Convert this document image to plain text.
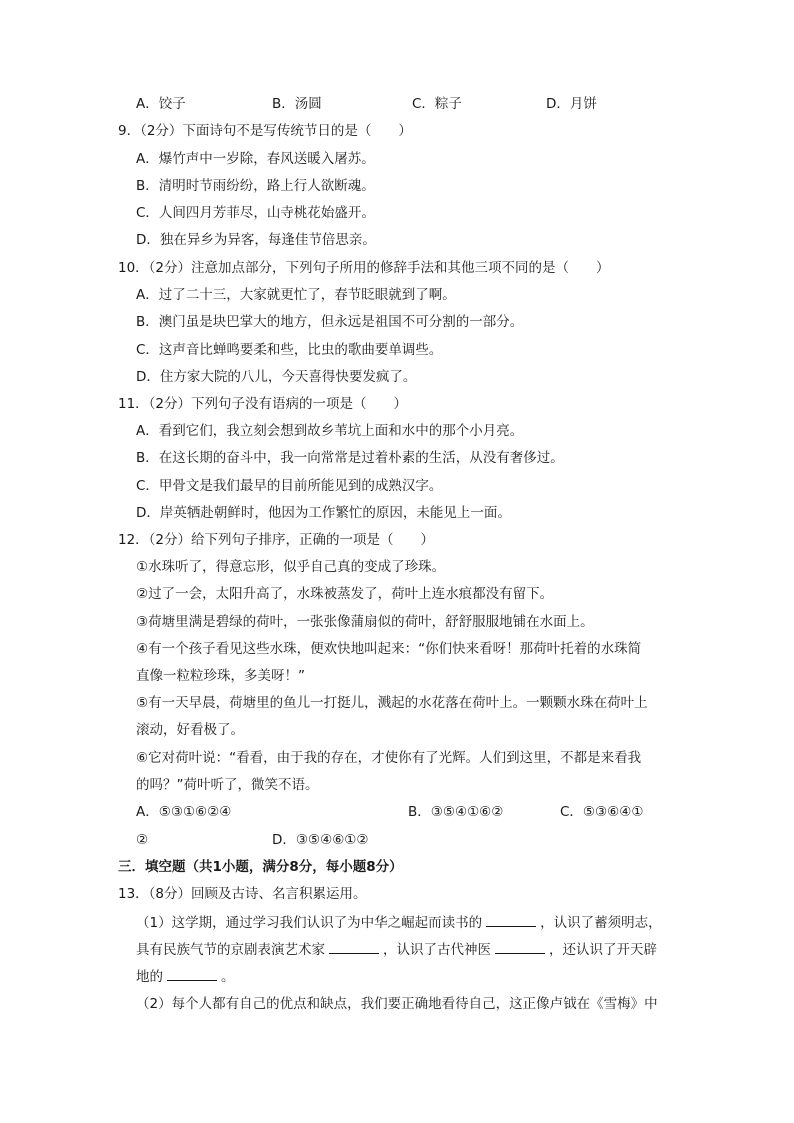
A．饺子	B．汤圆	C．粽子	D．月饼
9．（2分）下面诗句不是写传统节日的是（　　）
A．爆竹声中一岁除，春风送暖入屠苏。
B．清明时节雨纷纷，路上行人欲断魂。
C．人间四月芳菲尽，山寺桃花始盛开。
D．独在异乡为异客，每逢佳节倍思亲。
10．（2分）注意加点部分，下列句子所用的修辞手法和其他三项不同的是（　　）
A．过了二十三，大家就更忙了，春节眨眼就到了啊。
B．澳门虽是块巴掌大的地方，但永远是祖国不可分割的一部分。
C．这声音比蝉鸣要柔和些，比虫的歌曲要单调些。
D．住方家大院的八儿，今天喜得快要发疯了。
11．（2分）下列句子没有语病的一项是（　　）
A．看到它们，我立刻会想到故乡苇坑上面和水中的那个小月亮。
B．在这长期的奋斗中，我一向常常是过着朴素的生活，从没有奢侈过。
C．甲骨文是我们最早的目前所能见到的成熟汉字。
D．岸英牺赴朝鲜时，他因为工作繁忙的原因，未能见上一面。
12．（2分）给下列句子排序，正确的一项是（　　）
①水珠听了，得意忘形，似乎自己真的变成了珍珠。
②过了一会，太阳升高了，水珠被蒸发了，荷叶上连水痕都没有留下。
③荷塘里满是碧绿的荷叶，一张张像蒲扇似的荷叶，舒舒服服地铺在水面上。
④有一个孩子看见这些水珠，便欢快地叫起来：“你们快来看呀！那荷叶托着的水珠简
直像一粒粒珍珠，多美呀！”
⑤有一天早晨，荷塘里的鱼儿一打挺儿，溅起的水花落在荷叶上。一颗颗水珠在荷叶上
滚动，好看极了。
⑥它对荷叶说：“看看，由于我的存在，才使你有了光辉。人们到这里，不都是来看我
的吗？”荷叶听了，微笑不语。
A．⑤③①⑥②④	B．③⑤④①⑥②	C．⑤③⑥④①
②	D．③⑤④⑥①②
三．填空题（共1小题，满分8分，每小题8分）
13．（8分）回顾及古诗、名言积累运用。
（1）这学期，通过学习我们认识了为中华之崛起而读书的	，认识了蓄须明志，
具有民族气节的京剧表演艺术家	，认识了古代神医	，还认识了开天辟
地的	。
（2）每个人都有自己的优点和缺点，我们要正确地看待自己，这正像卢钺在《雪梅》中
